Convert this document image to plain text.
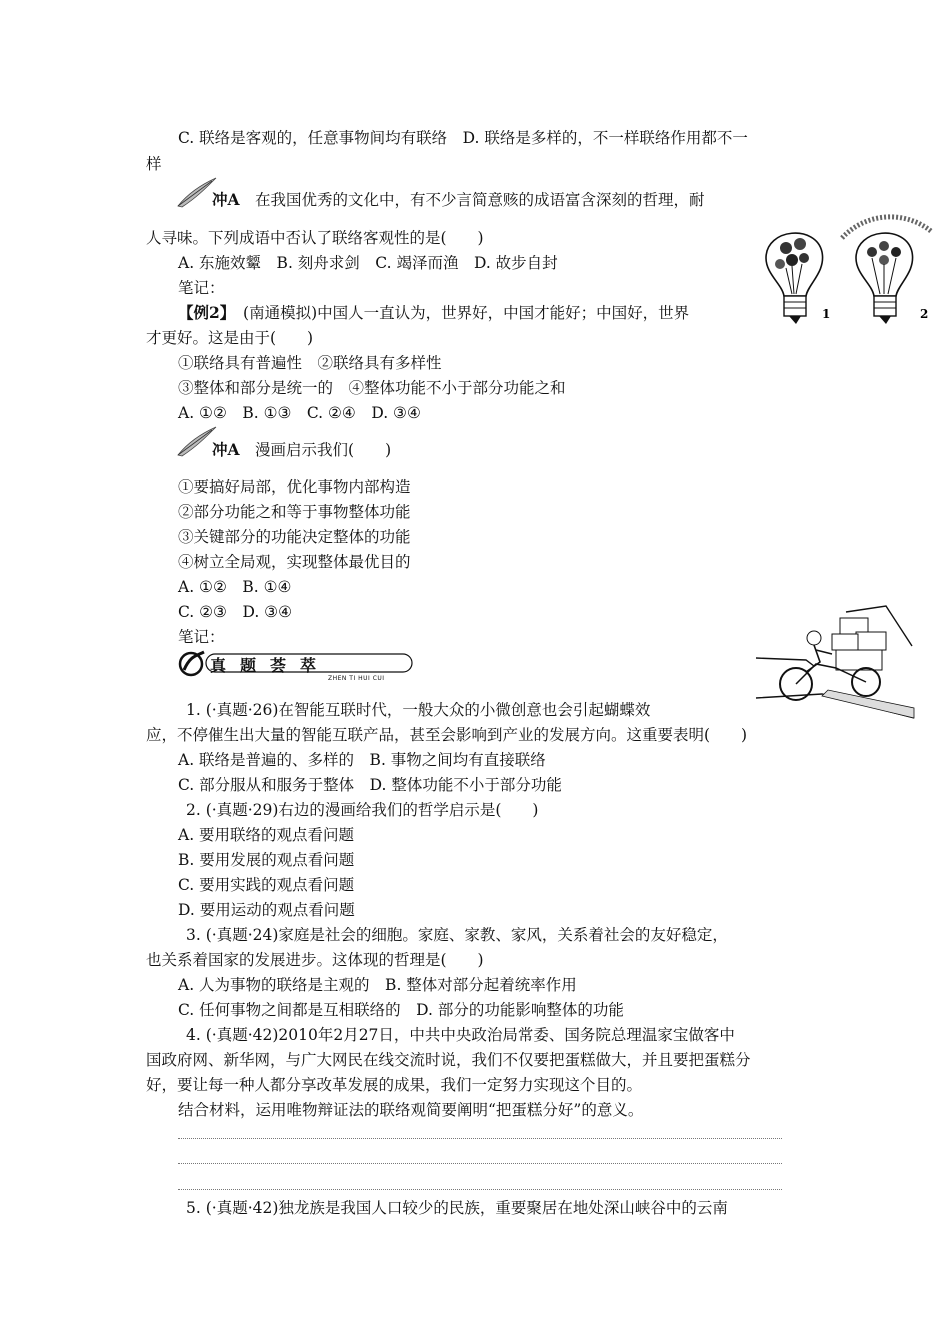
C. 联络是客观的，任意事物间均有联络　D. 联络是多样的，不一样联络作用都不一
样
冲A　在我国优秀的文化中，有不少言简意赅的成语富含深刻的哲理，耐
人寻味。下列成语中否认了联络客观性的是(　　)
A. 东施效颦　B. 刻舟求剑　C. 竭泽而渔　D. 故步自封
笔记：
【例2】　(南通模拟)中国人一直认为，世界好，中国才能好；中国好，世界
才更好。这是由于(　　)
①联络具有普遍性　②联络具有多样性
③整体和部分是统一的　④整体功能不小于部分功能之和
A. ①②　B. ①③　C. ②④　D. ③④
冲A　漫画启示我们(　　)
①要搞好局部，优化事物内部构造
②部分功能之和等于事物整体功能
③关键部分的功能决定整体的功能
④树立全局观，实现整体最优目的
A. ①②　B. ①④
C. ②③　D. ③④
笔记：
真题荟萃
ZHEN TI HUI CUI
1. (·真题·26)在智能互联时代，一般大众的小微创意也会引起蝴蝶效
应，不停催生出大量的智能互联产品，甚至会影响到产业的发展方向。这重要表明(　　)
A. 联络是普遍的、多样的　B. 事物之间均有直接联络
C. 部分服从和服务于整体　D. 整体功能不小于部分功能
2. (·真题·29)右边的漫画给我们的哲学启示是(　　)
A. 要用联络的观点看问题
B. 要用发展的观点看问题
C. 要用实践的观点看问题
D. 要用运动的观点看问题
3. (·真题·24)家庭是社会的细胞。家庭、家教、家风，关系着社会的友好稳定，
也关系着国家的发展进步。这体现的哲理是(　　)
A. 人为事物的联络是主观的　B. 整体对部分起着统率作用
C. 任何事物之间都是互相联络的　D. 部分的功能影响整体的功能
4. (·真题·42)2010年2月27日，中共中央政治局常委、国务院总理温家宝做客中
国政府网、新华网，与广大网民在线交流时说，我们不仅要把蛋糕做大，并且要把蛋糕分
好，要让每一种人都分享改革发展的成果，我们一定努力实现这个目的。
结合材料，运用唯物辩证法的联络观简要阐明“把蛋糕分好”的意义。
5. (·真题·42)独龙族是我国人口较少的民族，重要聚居在地处深山峡谷中的云南
1	2
